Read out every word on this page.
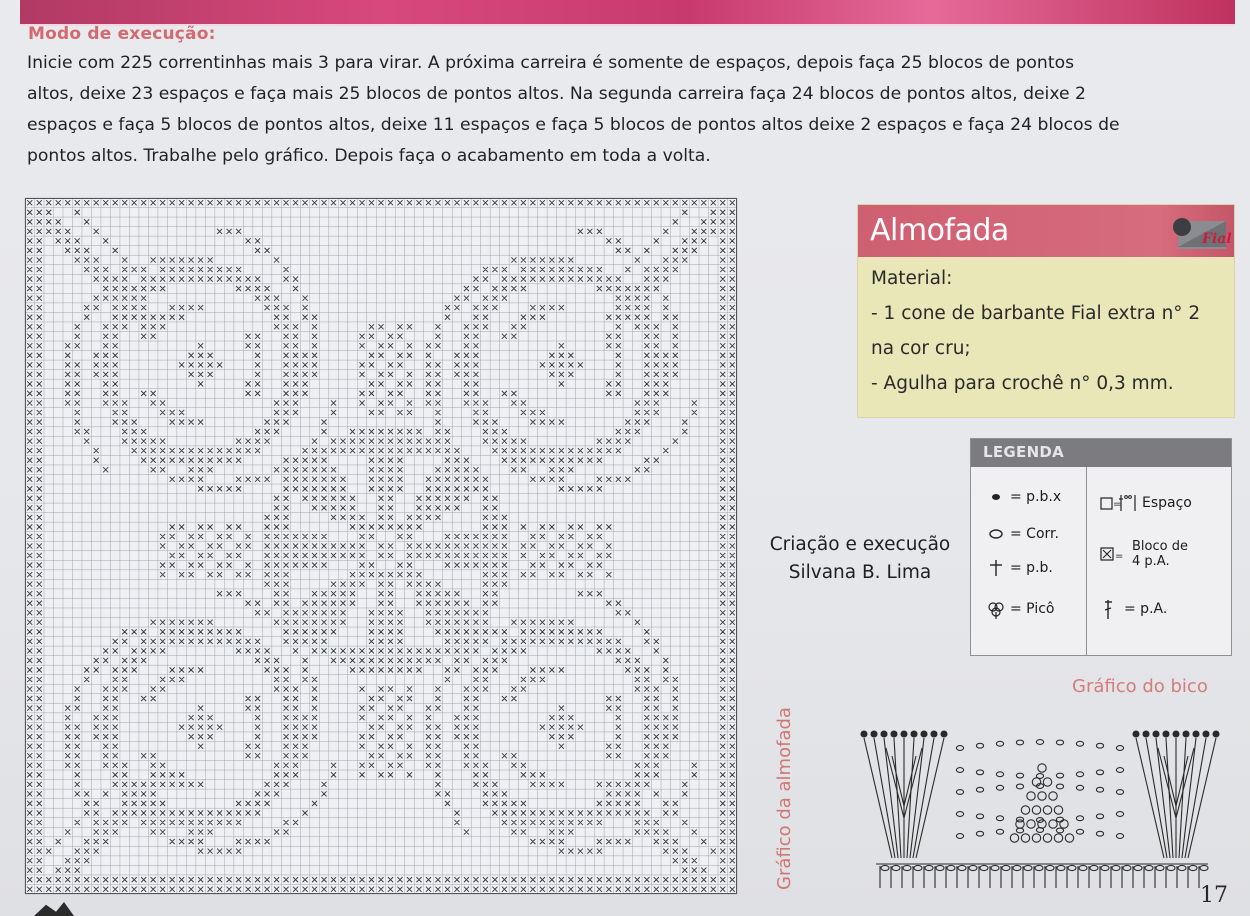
Modo de execução:

Inicie com 225 correntinhas mais 3 para virar. A próxima carreira é somente de espaços, depois faça 25 blocos de pontos

altos, deixe 23 espaços e faça mais 25 blocos de pontos altos. Na segunda carreira faça 24 blocos de pontos altos, deixe 2

espaços e faça 5 blocos de pontos altos, deixe 11 espaços e faça 5 blocos de pontos altos deixe 2 espaços e faça 24 blocos de

pontos altos. Trabalhe pelo gráfico. Depois faça o acabamento em toda a volta.

Gráfico da almofada
Almofada	Fial
Material:
- 1 cone de barbante Fial extra n° 2
na cor cru;
- Agulha para crochê n° 0,3 mm.
Criação e execução
Silvana B. Lima
LEGENDA
= p.b.x
= Corr.
= p.b.
= Picô
= Espaço
=
Bloco de
4 p.A.
= p.A.
Gráfico do bico
17
